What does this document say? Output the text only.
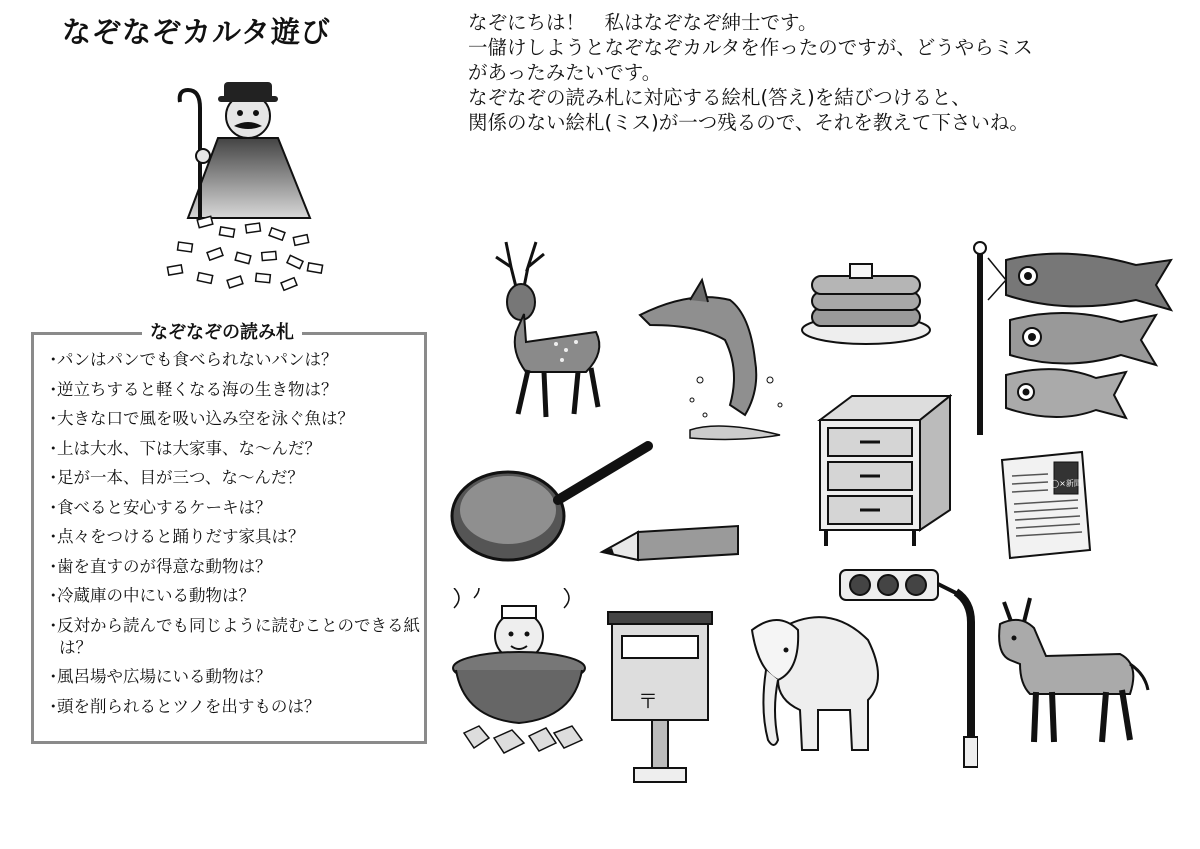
なぞなぞカルタ遊び	なぞにちは！　私はなぞなぞ紳士です。
一儲けしようとなぞなぞカルタを作ったのですが、どうやらミス
があったみたいです。
なぞなぞの読み札に対応する絵札(答え)を結びつけると、
関係のない絵札(ミス)が一つ残るので、それを教えて下さいね。
なぞなぞの読み札
・ パンはパンでも食べられないパンは？
・ 逆立ちすると軽くなる海の生き物は？
・ 大きな口で風を吸い込み空を泳ぐ魚は？
・ 上は大水、下は大家事、な～んだ？
・ 足が一本、目が三つ、な～んだ？
・ 食べると安心するケーキは？
・ 点々をつけると踊りだす家具は？
・ 歯を直すのが得意な動物は？
・ 冷蔵庫の中にいる動物は？
・ 反対から読んでも同じように読むことのできる紙は？
・ 風呂場や広場にいる動物は？
・ 頭を削られるとツノを出すものは？
◯×新聞
〒
